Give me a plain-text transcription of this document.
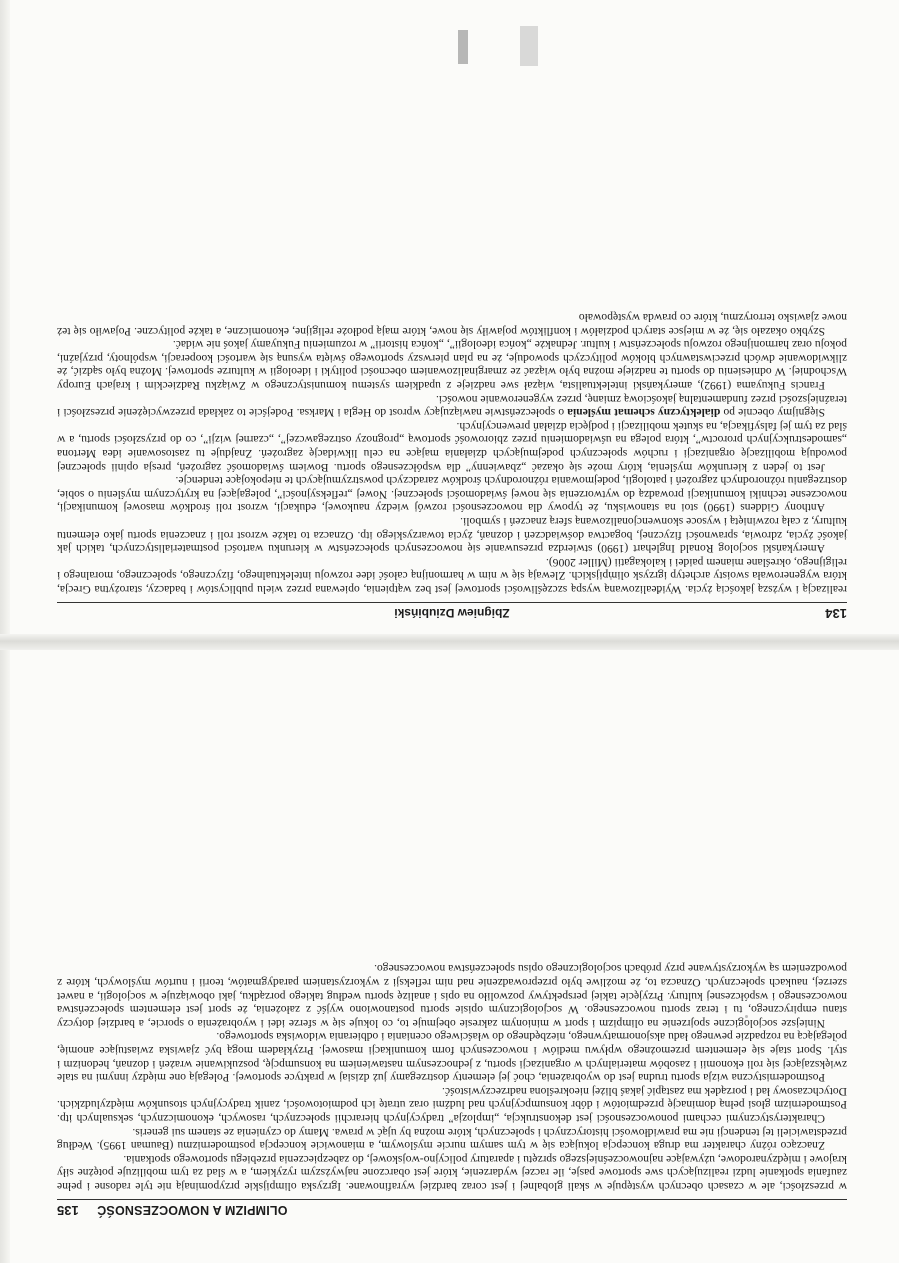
134
Zbigniew Dziubiński

realizacją i wyższą jakością życia. Wyidealizowaną wyspą szczęśliwości sportowej jest bez wątpienia, opiewana przez wielu publicystów i badaczy, starożytna Grecja, która wygenerowała swoisty archetyp igrzysk olimpijskich. Zlewają się w nim w harmonijną całość idee rozwoju intelektualnego, fizycznego, społecznego, moralnego i religijnego, określane mianem paidei i kalokagatii (Miller 2006).

Amerykański socjolog Ronald Inglehart (1990) stwierdza przesuwanie się nowoczesnych społeczeństw w kierunku wartości postmaterialistycznych, takich jak jakość życia, zdrowia, sprawności fizycznej, bogactwa doświadczeń i doznań, życia towarzyskiego itp. Oznacza to także wzrost roli i znaczenia sportu jako elementu kultury, z całą rozwiniętą i wysoce skonwencjonalizowaną sferą znaczeń i symboli.

Anthony Giddens (1990) stoi na stanowisku, że typowy dla nowoczesności rozwój wiedzy naukowej, edukacji, wzrost roli środków masowej komunikacji, nowoczesne techniki komunikacji prowadzą do wytworzenia się nowej świadomości społecznej. Nowej „refleksyjności”, polegającej na krytycznym myśleniu o sobie, dostrzeganiu różnorodnych zagrożeń i patologii, podejmowania różnorodnych środków zaradczych powstrzymujących te niepokojące tendencje.

Jest to jeden z kierunków myślenia, który może się okazać „zbawienny” dla współczesnego sportu. Bowiem świadomość zagrożeń, presja opinii społecznej powodują mobilizację organizacji i ruchów społecznych podejmujących działania mające na celu likwidację zagrożeń. Znajduje tu zastosowanie idea Mertona „samodestrukcyjnych proroctw”, która polega na uświadomieniu przez zbiorowość sportową „prognozy ostrzegawczej”, „czarnej wizji”, co do przyszłości sportu, a w ślad za tym jej falsyfikacja, na skutek mobilizacji i podjęcia działań prewencyjnych.

Sięgnijmy obecnie po dialektyczny schemat myślenia o społeczeństwie nawiązujący wprost do Hegla i Marksa. Podejście to zakłada przezwyciężenie przeszłości i teraźniejszości przez fundamentalną jakościową zmianę, przez wygenerowanie nowości.

Francis Fukuyama (1992), amerykański intelektualista, wiązał swe nadzieje z upadkiem systemu komunistycznego w Związku Radzieckim i krajach Europy Wschodniej. W odniesieniu do sportu te nadzieje można było wiązać ze zmarginalizowaniem obecności polityki i ideologii w kulturze sportowej. Można było sądzić, że zlikwidowanie dwóch przeciwstawnych bloków polityczych spowoduje, że na plan pierwszy sportowego święta wysuną się wartości kooperacji, wspólnoty, przyjaźni, pokoju oraz harmonijnego rozwoju społeczeństw i kultur. Jednakże „końca ideologii”, „końca historii” w rozumieniu Fukuyamy jakoś nie widać.

Szybko okazało się, że w miejsce starych podziałów i konfliktów pojawiły się nowe, które mają podłoże religijne, ekonomiczne, a także polityczne. Pojawiło się też nowe zjawisko terroryzmu, które co prawda występowało

OLIMPIZM A NOWOCZESNOŚĆ
135

w przeszłości, ale w czasach obecnych występuje w skali globalnej i jest coraz bardziej wyrafinowane. Igrzyska olimpijskie przypominają nie tyle radosne i pełne zaufania spotkanie ludzi realizujących swe sportowe pasje, ile raczej wydarzenie, które jest obarczone najwyższym ryzykiem, a w ślad za tym mobilizuje potężne siły krajowe i międzynarodowe, używające najnowocześniejszego sprzętu i aparatury policyjno-wojskowej, do zabezpieczenia przebiegu sportowego spotkania.

Znacząco różny charakter ma druga koncepcja lokująca się w tym samym nurcie myślowym, a mianowicie koncepcja postmodernizmu (Bauman 1995). Według przedstawicieli tej tendencji nie ma prawidłowości historycznych i społecznych, które można by ująć w prawa. Mamy do czynienia ze stanem sui generis.

Charakterystycznymi cechami ponowoczesności jest dekonstrukcja, „implozja” tradycyjnych hierarchii społecznych, rasowych, ekonomicznych, seksualnych itp. Postmodernizm głosi pełną dominację przedmiotów i dóbr konsumpcyjnych nad ludźmi oraz utratę ich podmiotowości, zanik tradycyjnych stosunków międzyludzkich. Dotychczasowy ład i porządek ma zastąpić jakaś bliżej nieokreślona nadrzeczywistość.

Postmodernistyczna wizja sportu trudna jest do wyobrażenia, choć jej elementy dostrzegamy już dzisiaj w praktyce sportowej. Polegają one między innymi na stale zwiększającej się roli ekonomii i zasobów materialnych w organizacji sportu, z jednoczesnym nastawieniem na konsumpcję, poszukiwanie wrażeń i doznań, hedonizm i styl. Sport staje się elementem przemożnego wpływu mediów i nowoczesnych form komunikacji masowej. Przykładem mogą być zjawiska zwiastujące anomię, polegającą na rozpadzie pewnego ładu aksjonormatywnego, niezbędnego do właściwego oceniania i odbierania widowiska sportowego.

Niniejsze socjologiczne spojrzenie na olimpizm i sport w minionym zakresie obejmuje to, co lokuje się w sferze idei i wyobrażenia o sporcie, a bardziej dotyczy stanu empirycznego, tu i teraz sportu nowoczesnego. W socjologicznym opisie sportu postanowiono wyjść z założenia, że sport jest elementem społeczeństwa nowoczesnego i współczesnej kultury. Przyjęcie takiej perspektywy pozwoliło na opis i analizę sportu według takiego porządku, jaki obowiązuje w socjologii, a nawet szerzej, naukach społecznych. Oznacza to, że możliwe było przeprowadzenie nad nim refleksji z wykorzystaniem paradygmatów, teorii i nurtów myślowych, które z powodzeniem są wykorzystywane przy próbach socjologicznego opisu społeczeństwa nowoczesnego.
